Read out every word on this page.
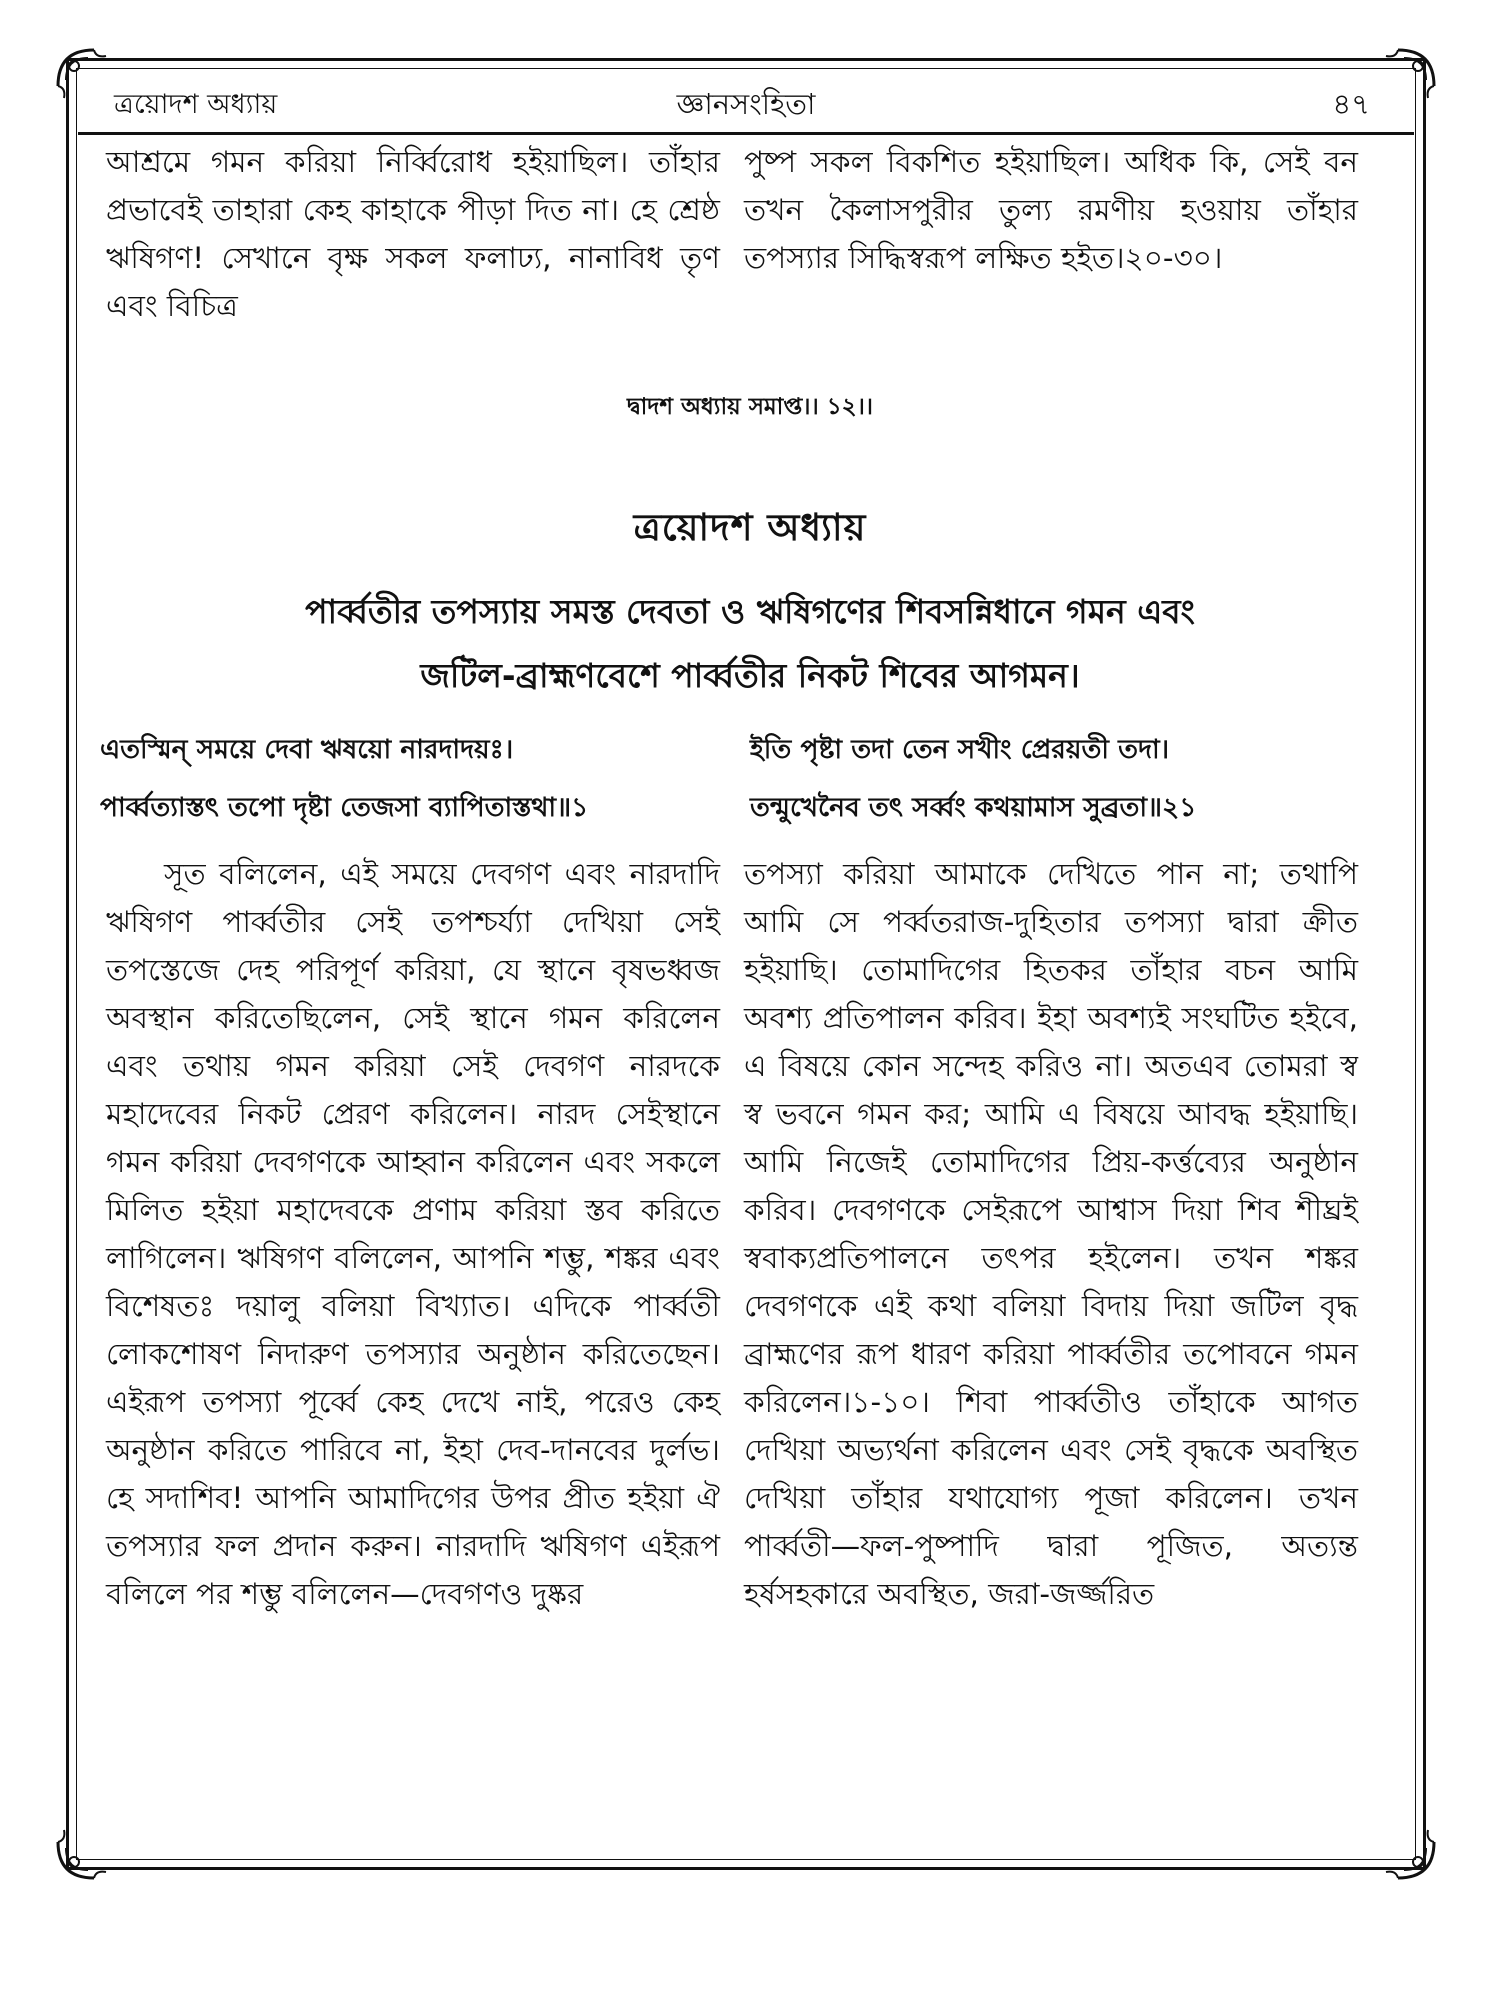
ত্রয়োদশ অধ্যায়	জ্ঞানসংহিতা	৪৭

আশ্রমে গমন করিয়া নির্ব্বিরোধ হইয়াছিল। তাঁহার প্রভাবেই তাহারা কেহ কাহাকে পীড়া দিত না। হে শ্রেষ্ঠ ঋষিগণ! সেখানে বৃক্ষ সকল ফলাঢ্য, নানাবিধ তৃণ এবং বিচিত্র

পুষ্প সকল বিকশিত হইয়াছিল। অধিক কি, সেই বন তখন কৈলাসপুরীর তুল্য রমণীয় হওয়ায় তাঁহার তপস্যার সিদ্ধিস্বরূপ লক্ষিত হইত।২০-৩০।

দ্বাদশ অধ্যায় সমাপ্ত।। ১২।।
ত্রয়োদশ অধ্যায়
পার্ব্বতীর তপস্যায় সমস্ত দেবতা ও ঋষিগণের শিবসন্নিধানে গমন এবং
জটিল-ব্রাহ্মণবেশে পার্ব্বতীর নিকট শিবের আগমন।
এতস্মিন্ সময়ে দেবা ঋষয়ো নারদাদয়ঃ।	ইতি পৃষ্টা তদা তেন সখীং প্রেরয়তী তদা।
পার্ব্বত্যাস্তৎ তপো দৃষ্টা তেজসা ব্যাপিতাস্তথা॥১	তন্মুখেনৈব তৎ সর্ব্বং কথয়ামাস সুব্রতা॥২১

সূত বলিলেন, এই সময়ে দেবগণ এবং নারদাদি ঋষিগণ পার্ব্বতীর সেই তপশ্চর্য্যা দেখিয়া সেই তপস্তেজে দেহ পরিপূর্ণ করিয়া, যে স্থানে বৃষভধ্বজ অবস্থান করিতেছিলেন, সেই স্থানে গমন করিলেন এবং তথায় গমন করিয়া সেই দেবগণ নারদকে মহাদেবের নিকট প্রেরণ করিলেন। নারদ সেইস্থানে গমন করিয়া দেবগণকে আহ্বান করিলেন এবং সকলে মিলিত হইয়া মহাদেবকে প্রণাম করিয়া স্তব করিতে লাগিলেন। ঋষিগণ বলিলেন, আপনি শম্ভু, শঙ্কর এবং বিশেষতঃ দয়ালু বলিয়া বিখ্যাত। এদিকে পার্ব্বতী লোকশোষণ নিদারুণ তপস্যার অনুষ্ঠান করিতেছেন। এইরূপ তপস্যা পূর্ব্বে কেহ দেখে নাই, পরেও কেহ অনুষ্ঠান করিতে পারিবে না, ইহা দেব-দানবের দুর্লভ। হে সদাশিব! আপনি আমাদিগের উপর প্রীত হইয়া ঐ তপস্যার ফল প্রদান করুন। নারদাদি ঋষিগণ এইরূপ বলিলে পর শম্ভু বলিলেন—দেবগণও দুষ্কর

তপস্যা করিয়া আমাকে দেখিতে পান না; তথাপি আমি সে পর্ব্বতরাজ-দুহিতার তপস্যা দ্বারা ক্রীত হইয়াছি। তোমাদিগের হিতকর তাঁহার বচন আমি অবশ্য প্রতিপালন করিব। ইহা অবশ্যই সংঘটিত হইবে, এ বিষয়ে কোন সন্দেহ করিও না। অতএব তোমরা স্ব স্ব ভবনে গমন কর; আমি এ বিষয়ে আবদ্ধ হইয়াছি। আমি নিজেই তোমাদিগের প্রিয়-কর্ত্তব্যের অনুষ্ঠান করিব। দেবগণকে সেইরূপে আশ্বাস দিয়া শিব শীঘ্রই স্ববাক্যপ্রতিপালনে তৎপর হইলেন। তখন শঙ্কর দেবগণকে এই কথা বলিয়া বিদায় দিয়া জটিল বৃদ্ধ ব্রাহ্মণের রূপ ধারণ করিয়া পার্ব্বতীর তপোবনে গমন করিলেন।১-১০। শিবা পার্ব্বতীও তাঁহাকে আগত দেখিয়া অভ্যর্থনা করিলেন এবং সেই বৃদ্ধকে অবস্থিত দেখিয়া তাঁহার যথাযোগ্য পূজা করিলেন। তখন পার্ব্বতী—ফল-পুষ্পাদি দ্বারা পূজিত, অত্যন্ত হর্ষসহকারে অবস্থিত, জরা-জর্জ্জরিত
